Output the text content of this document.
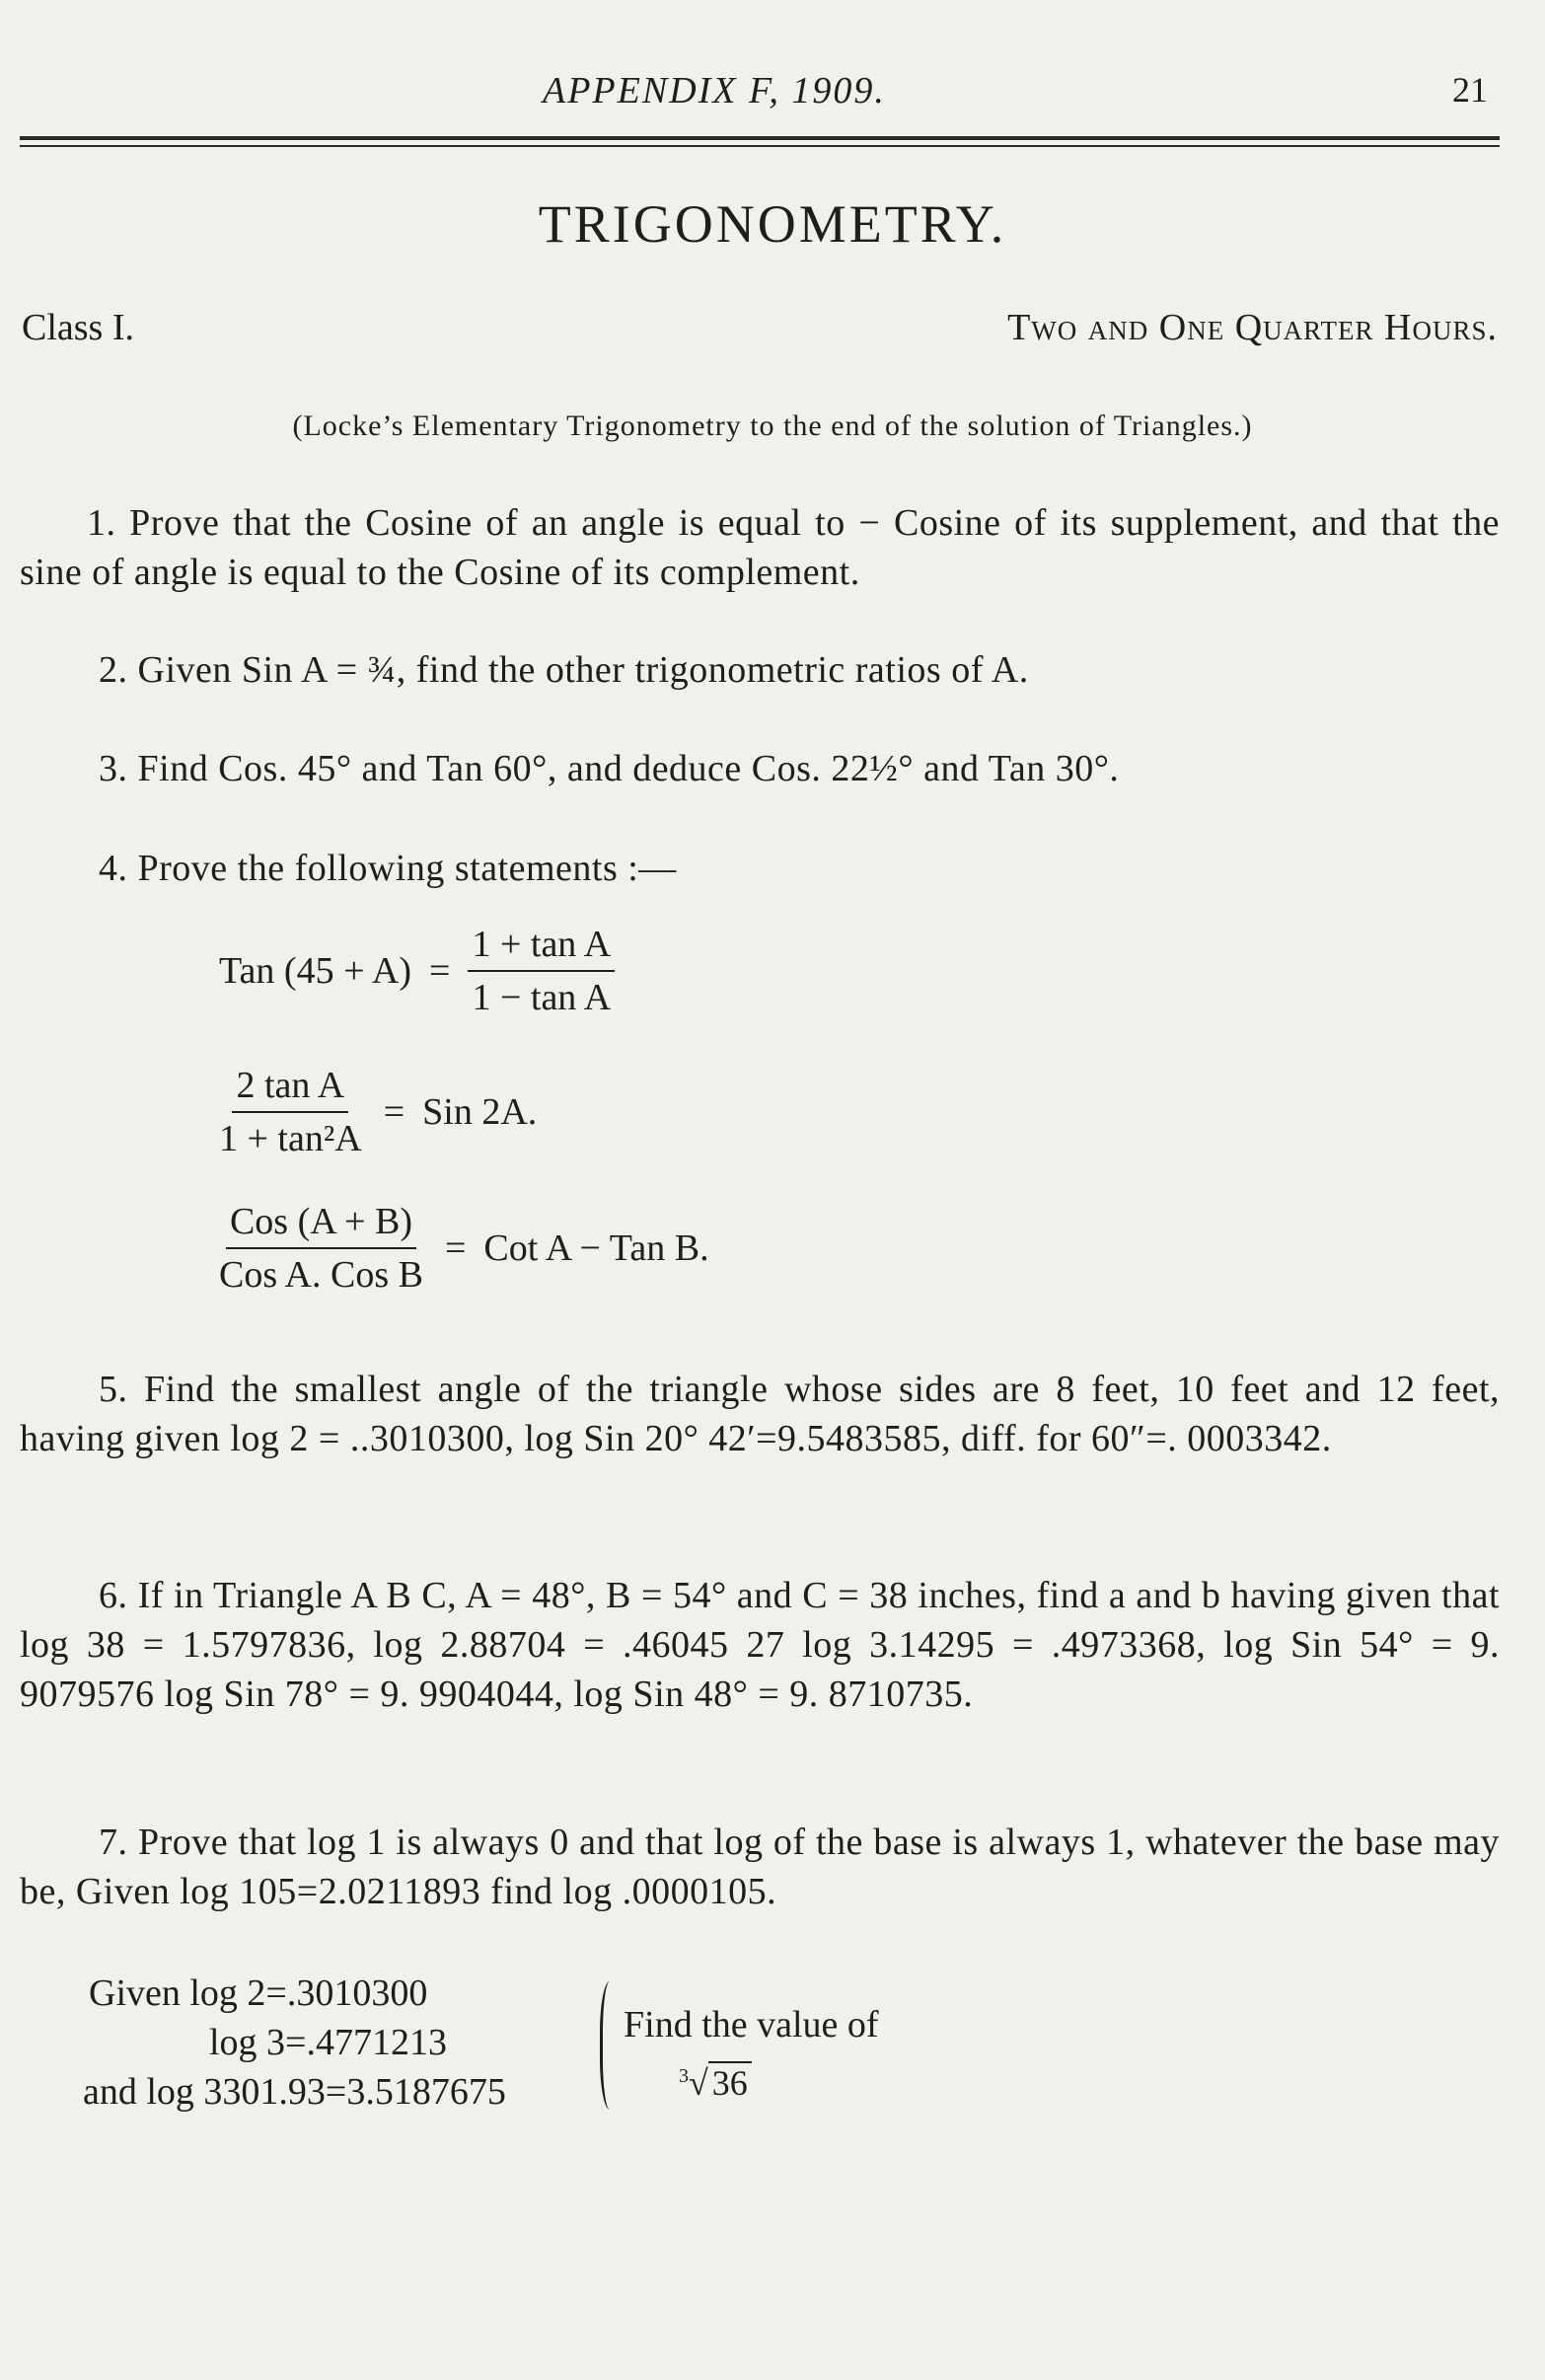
APPENDIX F, 1909.	21
TRIGONOMETRY.
Class I.	Two and One Quarter Hours.
(Locke’s Elementary Trigonometry to the end of the solution of Triangles.)
1. Prove that the Cosine of an angle is equal to − Cosine of its supplement, and that the sine of angle is equal to the Cosine of its complement.
2. Given Sin A = ¾, find the other trigonometric ratios of A.
3. Find Cos. 45° and Tan 60°, and deduce Cos. 22½° and Tan 30°.
4. Prove the following statements :—
Tan $(45 + A) = \frac{\text{1 + tan A}}{\text{1 − tan A}}$
$\frac{\text{2 tan A}}{\text{1 + tan²A}}$ = Sin 2A.
$\frac{\text{Cos (A + B)}}{\text{Cos A. Cos B}}$ = Cot A − Tan B.
5. Find the smallest angle of the triangle whose sides are 8 feet, 10 feet and 12 feet, having given log 2 = ..3010300, log Sin 20° 42′=9.5483585, diff. for 60″=. 0003342.
6. If in Triangle A B C, A = 48°, B = 54° and C = 38 inches, find a and b having given that log 38 = 1.5797836, log 2.88704 = .46045 27 log 3.14295 = .4973368, log Sin 54° = 9. 9079576 log Sin 78° = 9. 9904044, log Sin 48° = 9. 8710735.
7. Prove that log 1 is always 0 and that log of the base is always 1, whatever the base may be, Given log 105=2.0211893 find log .0000105.
Given log 2=.3010300
log 3=.4771213
and log 3301.93=3.5187675
Find the value of
$^3$√ 36
